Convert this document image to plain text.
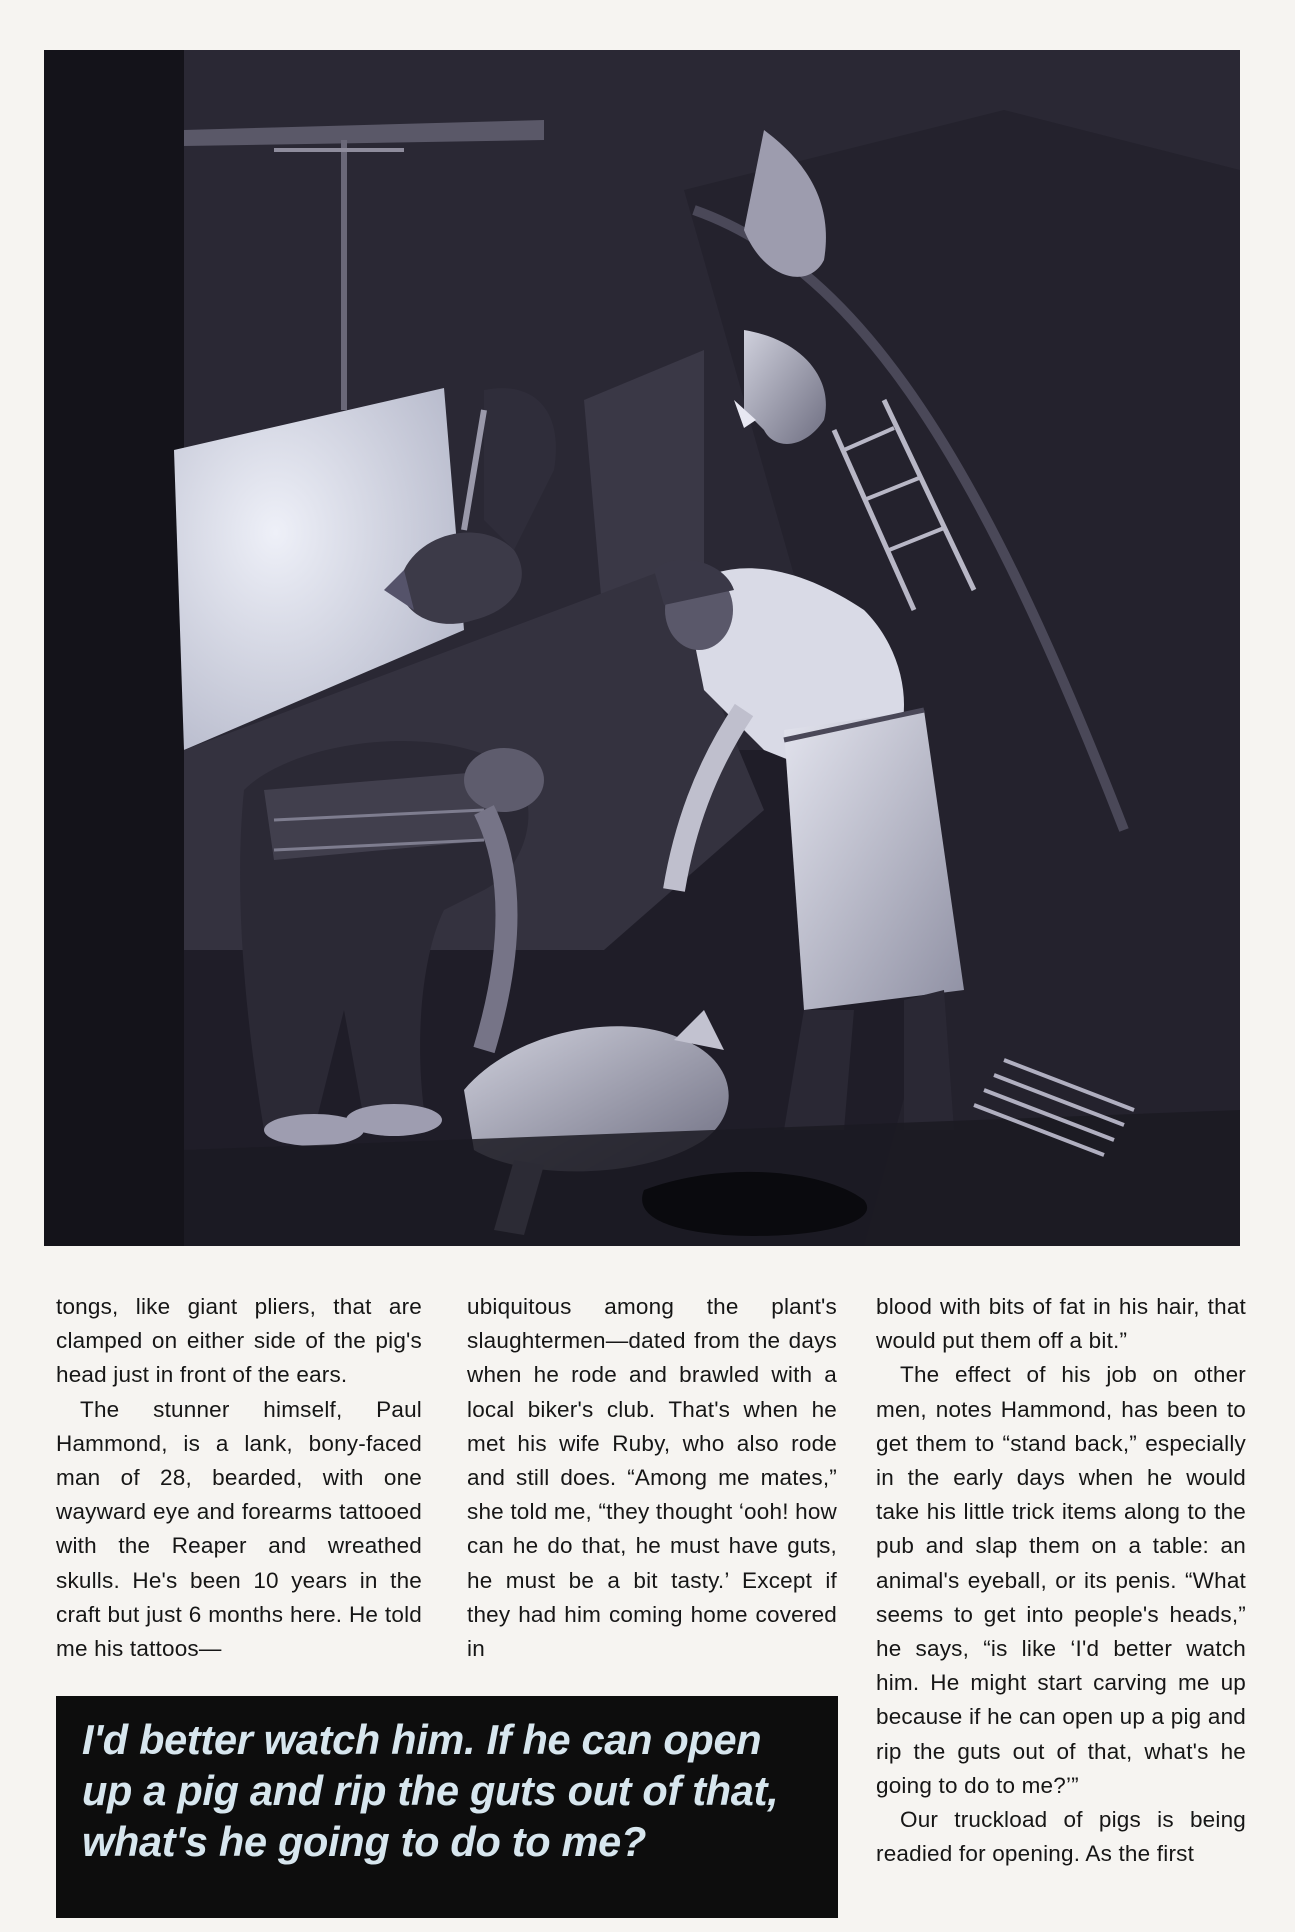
tongs, like giant pliers, that are clamped on either side of the pig's head just in front of the ears.

The stunner himself, Paul Hammond, is a lank, bony-faced man of 28, bearded, with one wayward eye and forearms tattooed with the Reaper and wreathed skulls. He's been 10 years in the craft but just 6 months here. He told me his tattoos—

ubiquitous among the plant's slaughtermen—dated from the days when he rode and brawled with a local biker's club. That's when he met his wife Ruby, who also rode and still does. “Among me mates,” she told me, “they thought ‘ooh! how can he do that, he must have guts, he must be a bit tasty.’ Except if they had him coming home covered in

blood with bits of fat in his hair, that would put them off a bit.”

The effect of his job on other men, notes Hammond, has been to get them to “stand back,” especially in the early days when he would take his little trick items along to the pub and slap them on a table: an animal's eyeball, or its penis. “What seems to get into people's heads,” he says, “is like ‘I'd better watch him. He might start carving me up because if he can open up a pig and rip the guts out of that, what's he going to do to me?’”

Our truckload of pigs is being readied for opening. As the first

I'd better watch him. If he can open up a pig and rip the guts out of that, what's he going to do to me?
